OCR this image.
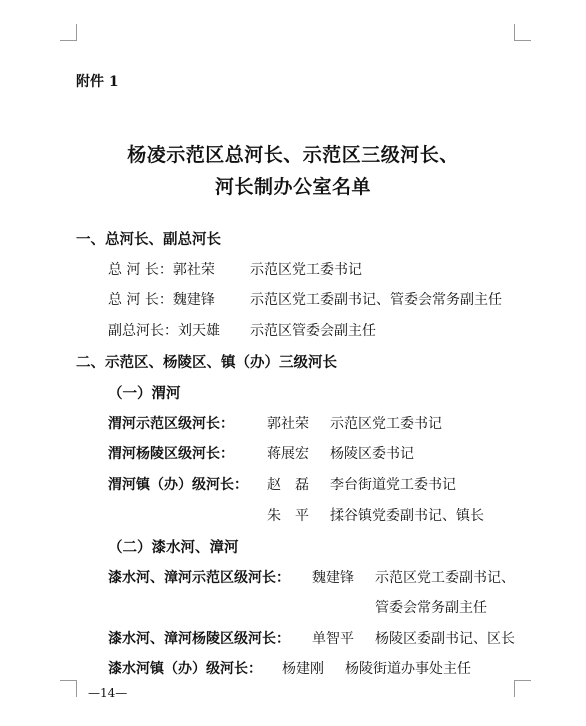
附件 1
杨凌示范区总河长、示范区三级河长、
河长制办公室名单
一、总河长、副总河长
总 河 长：郭社荣	示范区党工委书记
总 河 长：魏建锋	示范区党工委副书记、管委会常务副主任
副总河长：刘天雄 示范区管委会副主任
二、示范区、杨陵区、镇（办）三级河长
（一）渭河
渭河示范区级河长： 郭社荣 示范区党工委书记
渭河杨陵区级河长： 蒋展宏 杨陵区委书记
渭河镇（办）级河长： 赵　磊 李台街道党工委书记
朱　平 揉谷镇党委副书记、镇长
（二）漆水河、漳河
漆水河、漳河示范区级河长： 魏建锋 示范区党工委副书记、
管委会常务副主任
漆水河、漳河杨陵区级河长： 单智平 杨陵区委副书记、区长
漆水河镇（办）级河长： 杨建刚 杨陵街道办事处主任
—14—
